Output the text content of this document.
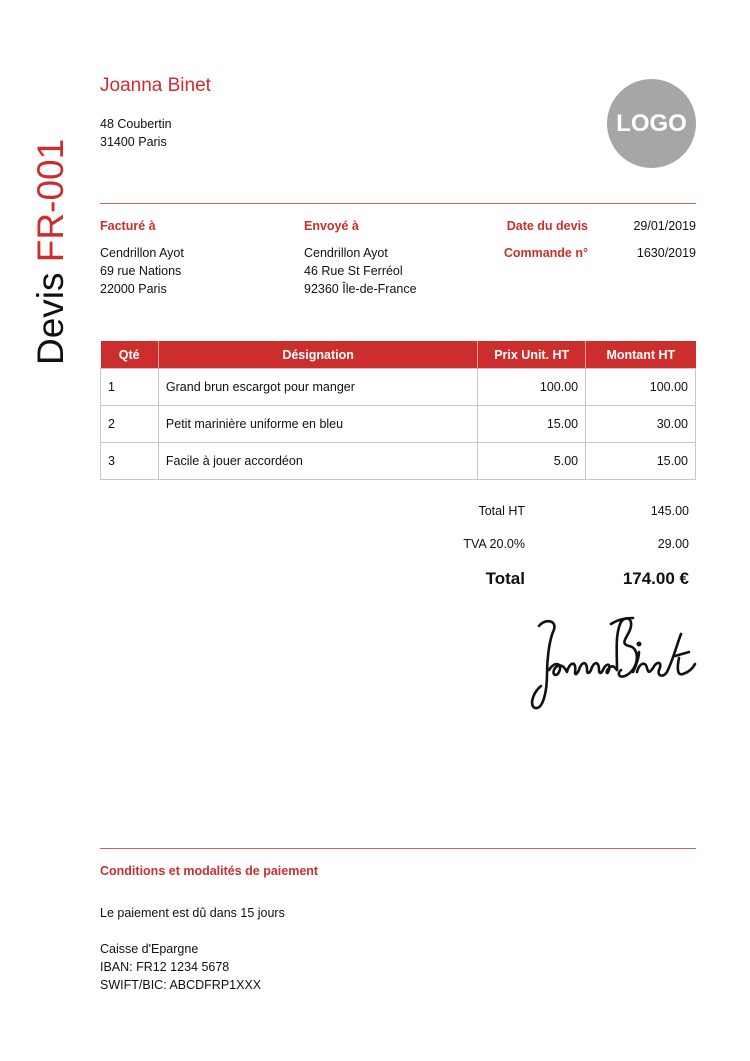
Devis FR-001
Joanna Binet
48 Coubertin
31400 Paris
LOGO
Facturé à
Cendrillon Ayot
69 rue Nations
22000 Paris
Envoyé à
Cendrillon Ayot
46 Rue St Ferréol
92360 Île-de-France
Date du devis	29/01/2019
Commande n°	1630/2019
Qté	Désignation	Prix Unit. HT	Montant HT
1	Grand brun escargot pour manger	100.00	100.00
2	Petit marinière uniforme en bleu	15.00	30.00
3	Facile à jouer accordéon	5.00	15.00
Total HT	145.00
TVA 20.0%	29.00
Total	174.00 €
Conditions et modalités de paiement
Le paiement est dû dans 15 jours
Caisse d'Epargne
IBAN: FR12 1234 5678
SWIFT/BIC: ABCDFRP1XXX
